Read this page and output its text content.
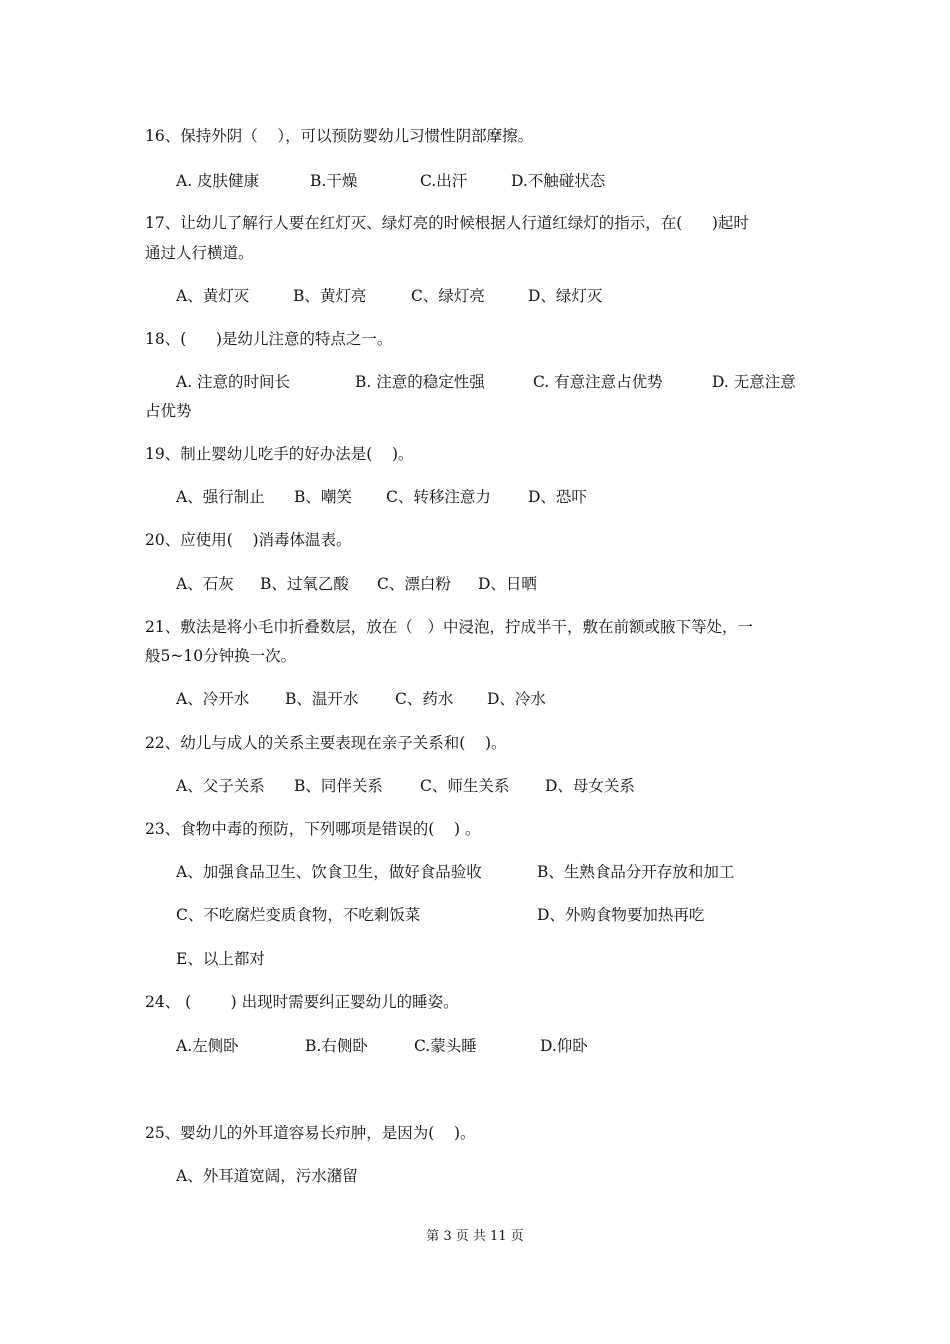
16、保持外阴（    ），可以预防婴幼儿习惯性阴部摩擦。
A. 皮肤健康	B.干燥	C.出汗	D.不触碰状态
17、让幼儿了解行人要在红灯灭、绿灯亮的时候根据人行道红绿灯的指示，在(      )起时
通过人行横道。
A、黄灯灭	B、黄灯亮	C、绿灯亮	D、绿灯灭
18、(      )是幼儿注意的特点之一。
A. 注意的时间长	B. 注意的稳定性强	C. 有意注意占优势	D. 无意注意
占优势
19、制止婴幼儿吃手的好办法是(    )。
A、强行制止 B、嘲笑 C、转移注意力 D、恐吓
20、应使用(    )消毒体温表。
A、石灰 B、过氧乙酸 C、漂白粉 D、日晒
21、敷法是将小毛巾折叠数层，放在（   ）中浸泡，拧成半干，敷在前额或腋下等处，一
般5~10分钟换一次。
A、冷开水 B、温开水 C、药水 D、冷水
22、幼儿与成人的关系主要表现在亲子关系和(    )。
A、父子关系 B、同伴关系 C、师生关系 D、母女关系
23、食物中毒的预防，下列哪项是错误的(    ) 。
A、加强食品卫生、饮食卫生，做好食品验收	B、生熟食品分开存放和加工
C、不吃腐烂变质食物，不吃剩饭菜	D、外购食物要加热再吃
E、以上都对
24、 (        ) 出现时需要纠正婴幼儿的睡姿。
A.左侧卧	B.右侧卧	C.蒙头睡	D.仰卧
25、婴幼儿的外耳道容易长疖肿，是因为(    )。
A、外耳道宽阔，污水潴留
第 3 页 共 11 页
